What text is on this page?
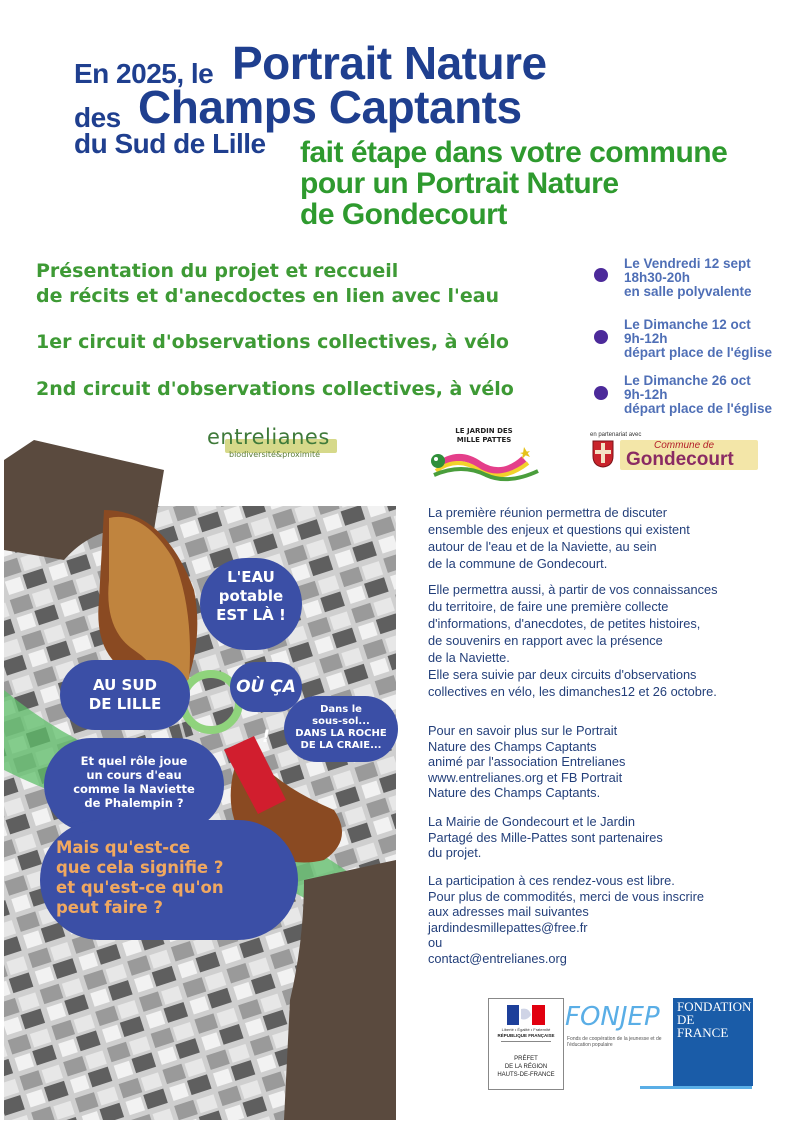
En 2025, le Portrait Nature
des Champs Captants
du Sud de Lille fait étape dans votre commune
pour un Portrait Nature
de Gondecourt
Présentation du projet et reccueil
de récits et d'anecdoctes en lien avec l'eau
1er circuit d'observations collectives, à vélo
2nd circuit d'observations collectives, à vélo
Le Vendredi 12 sept
18h30-20h
en salle polyvalente
Le Dimanche 12 oct
9h-12h
départ place de l'église
Le Dimanche 26 oct
9h-12h
départ place de l'église
entrelianes
biodiversité&proximité
LE JARDIN DES MILLE PATTES
en partenariat avec
Commune de
Gondecourt
L'EAU
potable
EST LÀ !
OÙ ÇA !
AU SUD
DE LILLE	Dans le
sous-sol...
DANS LA ROCHE
DE LA CRAIE...
Et quel rôle joue
un cours d'eau
comme la Naviette
de Phalempin ?
Mais qu'est-ce
que cela signifie ?
et qu'est-ce qu'on
peut faire ?
La première réunion permettra de discuter
ensemble des enjeux et questions qui existent
autour de l'eau et de la Naviette, au sein
de la commune de Gondecourt.
Elle permettra aussi, à partir de vos connaissances
du territoire, de faire une première collecte
d'informations, d'anecdotes, de petites histoires,
de souvenirs en rapport avec la présence
de la Naviette.
Elle sera suivie par deux circuits d'observations
collectives en vélo, les dimanches12 et 26 octobre.
Pour en savoir plus sur le Portrait
Nature des Champs Captants
animé par l'association Entrelianes
www.entrelianes.org et FB Portrait
Nature des Champs Captants.
La Mairie de Gondecourt et le Jardin
Partagé des Mille-Pattes sont partenaires
du projet.
La participation à ces rendez-vous est libre.
Pour plus de commodités, merci de vous inscrire
aux adresses mail suivantes
jardindesmillepattes@free.fr
ou
contact@entrelianes.org
Liberté • Égalité • Fraternité
RÉPUBLIQUE FRANÇAISE
PRÉFET
DE LA RÉGION
HAUTS-DE-FRANCE
FONJEP
Fonds de coopération de la jeunesse et de l'éducation populaire
FONDATION
DE
FRANCE
